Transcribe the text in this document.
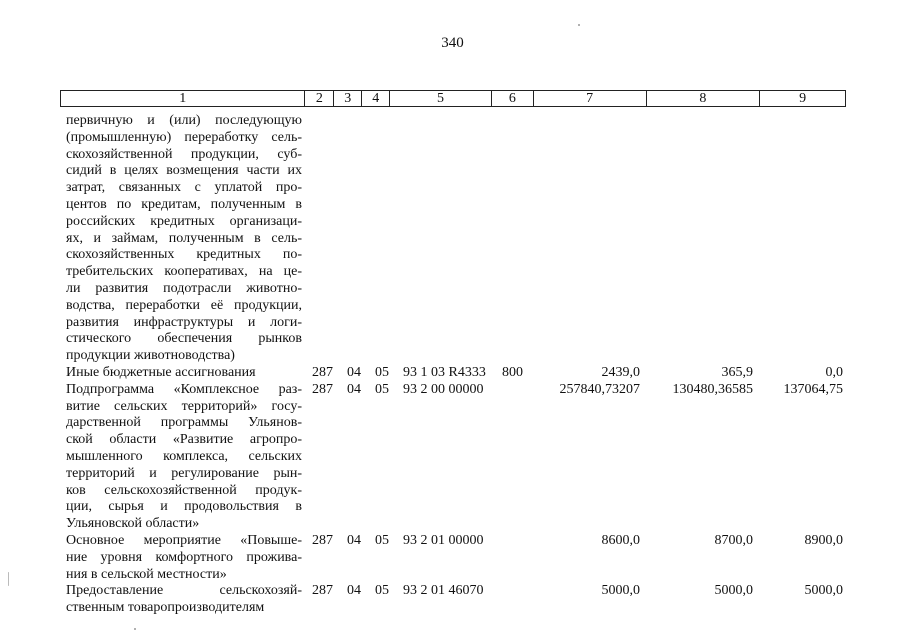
340
1	2	3	4	5	6	7	8	9
первичную и (или) последующую
(промышленную) переработку сель-
скохозяйственной продукции, суб-
сидий в целях возмещения части их
затрат, связанных с уплатой про-
центов по кредитам, полученным в
российских кредитных организаци-
ях, и займам, полученным в сель-
скохозяйственных кредитных по-
требительских кооперативах, на це-
ли развития подотрасли животно-
водства, переработки её продукции,
развития инфраструктуры и логи-
стического обеспечения рынков
продукции животноводства)
Иные бюджетные ассигнования	287 04 05 93 1 03 R4333 800	2439,0	365,9	0,0
Подпрограмма «Комплексное раз-
витие сельских территорий» госу-
дарственной программы Ульянов-
ской области «Развитие агропро-
мышленного комплекса, сельских
территорий и регулирование рын-
ков сельскохозяйственной продук-
ции, сырья и продовольствия в
Ульяновской области»
287 04 05 93 2 00 00000	257840,73207 130480,36585 137064,75
Основное мероприятие «Повыше-
ние уровня комфортного прожива-
ния в сельской местности»
287 04 05 93 2 01 00000	8600,0	8700,0	8900,0
Предоставление сельскохозяй-
ственным товаропроизводителям
287 04 05 93 2 01 46070	5000,0	5000,0	5000,0
